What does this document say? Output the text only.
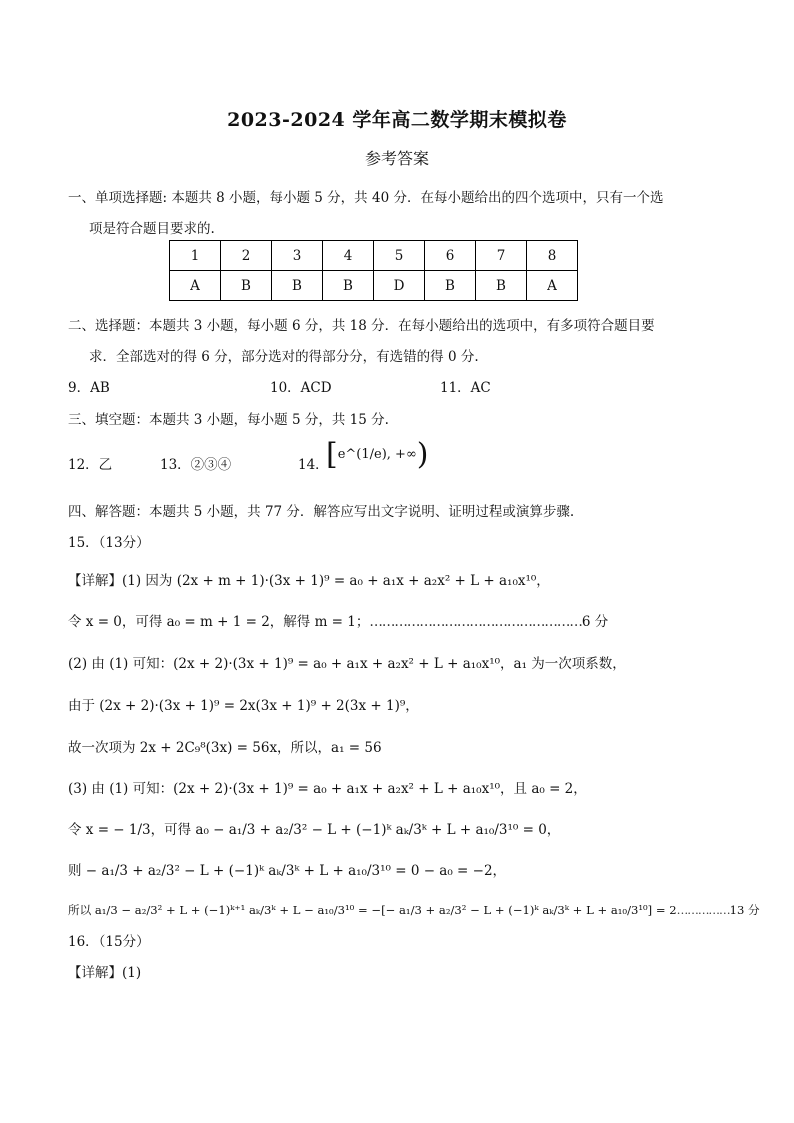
2023-2024 学年高二数学期末模拟卷
参考答案
一、单项选择题: 本题共 8 小题，每小题 5 分，共 40 分．在每小题给出的四个选项中，只有一个选
项是符合题目要求的.
1	2	3	4	5	6	7	8
A	B	B	B	D	B	B	A
二、选择题：本题共 3 小题，每小题 6 分，共 18 分．在每小题给出的选项中，有多项符合题目要
求．全部选对的得 6 分，部分选对的得部分分，有选错的得 0 分.
9．AB	10．ACD	11．AC
三、填空题：本题共 3 小题，每小题 5 分，共 15 分.
12．乙	13．②③④	14．
[e^(1/e), +∞)
四、解答题：本题共 5 小题，共 77 分．解答应写出文字说明、证明过程或演算步骤.
15．（13分）
【详解】(1) 因为 (2x + m + 1)·(3x + 1)⁹ = a₀ + a₁x + a₂x² + L + a₁₀x¹⁰，
令 x = 0，可得 a₀ = m + 1 = 2，解得 m = 1；……………………………………………6 分
(2) 由 (1) 可知：(2x + 2)·(3x + 1)⁹ = a₀ + a₁x + a₂x² + L + a₁₀x¹⁰，a₁ 为一次项系数，
由于 (2x + 2)·(3x + 1)⁹ = 2x(3x + 1)⁹ + 2(3x + 1)⁹，
故一次项为 2x + 2C₉⁸(3x) = 56x，所以，a₁ = 56
(3) 由 (1) 可知：(2x + 2)·(3x + 1)⁹ = a₀ + a₁x + a₂x² + L + a₁₀x¹⁰，且 a₀ = 2，
令 x = − 1/3，可得 a₀ − a₁/3 + a₂/3² − L + (−1)ᵏ aₖ/3ᵏ + L + a₁₀/3¹⁰ = 0，
则 − a₁/3 + a₂/3² − L + (−1)ᵏ aₖ/3ᵏ + L + a₁₀/3¹⁰ = 0 − a₀ = −2，
所以 a₁/3 − a₂/3² + L + (−1)ᵏ⁺¹ aₖ/3ᵏ + L − a₁₀/3¹⁰ = −[− a₁/3 + a₂/3² − L + (−1)ᵏ aₖ/3ᵏ + L + a₁₀/3¹⁰] = 2……………13 分
16．（15分）
【详解】(1)
